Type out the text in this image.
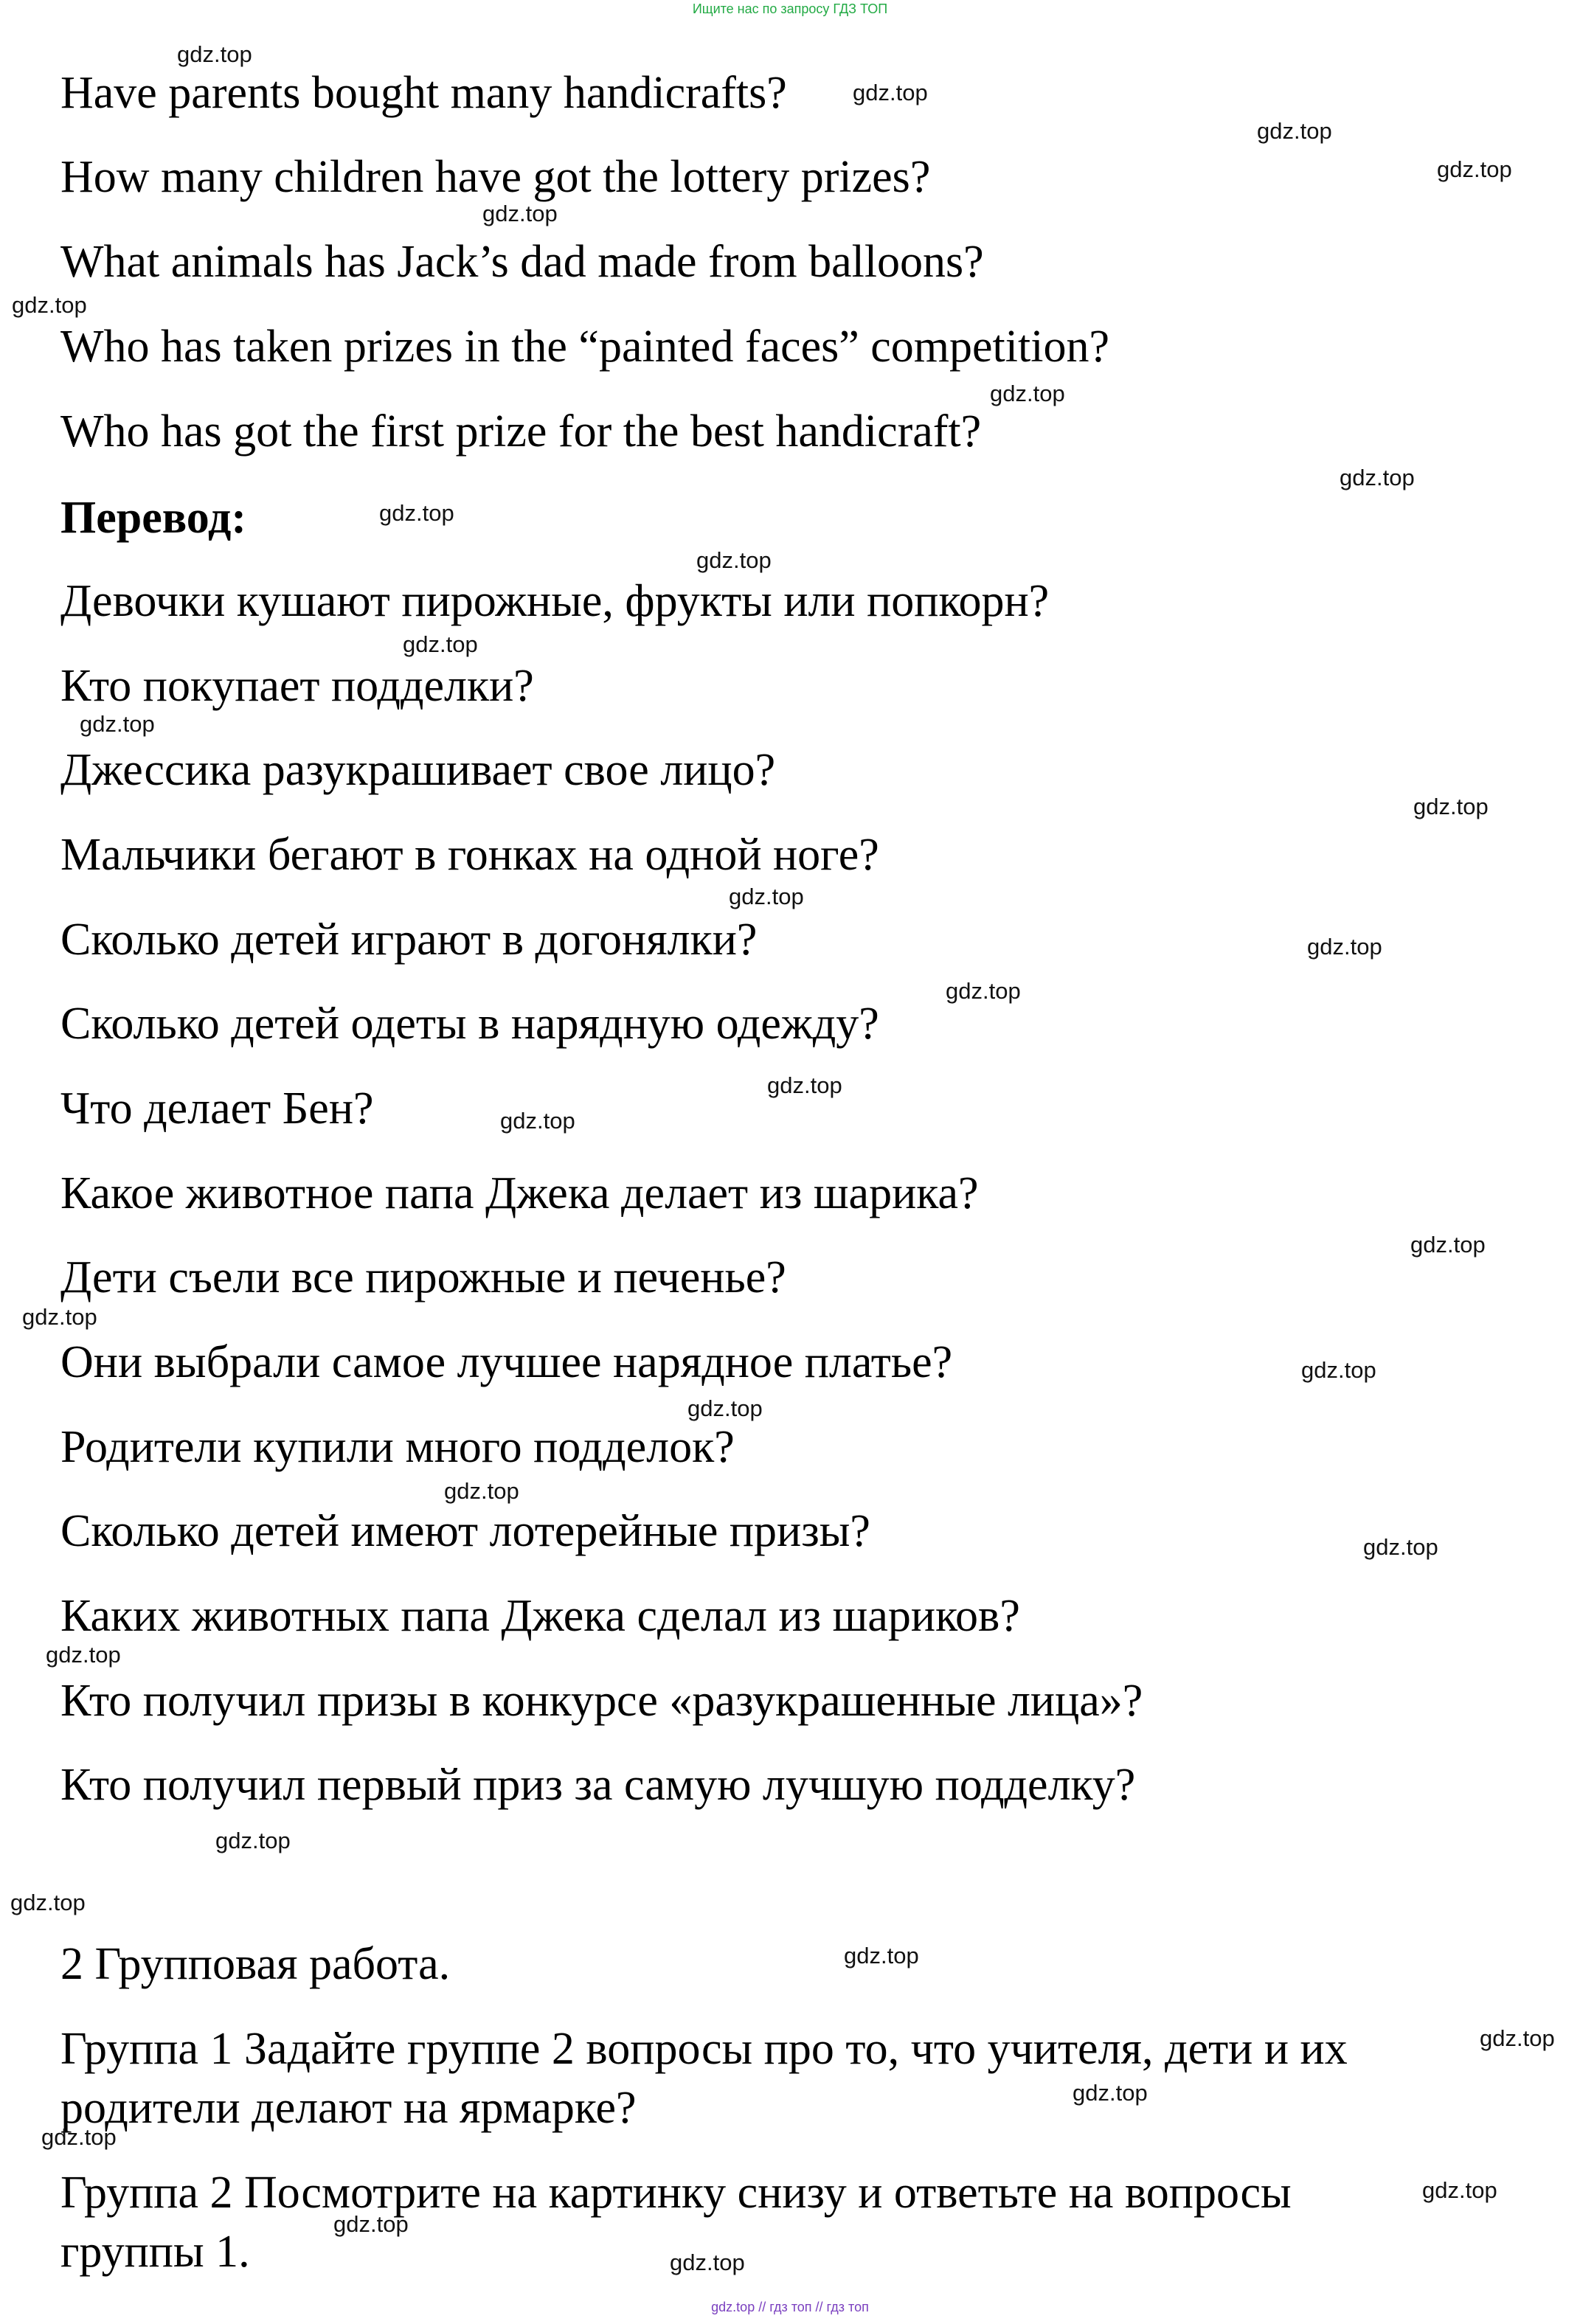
Ищите нас по запросу ГДЗ ТОП
Have parents bought many handicrafts?
How many children have got the lottery prizes?
What animals has Jack’s dad made from balloons?
Who has taken prizes in the “painted faces” competition?
Who has got the first prize for the best handicraft?
Перевод:
Девочки кушают пирожные, фрукты или попкорн?
Кто покупает подделки?
Джессика разукрашивает свое лицо?
Мальчики бегают в гонках на одной ноге?
Сколько детей играют в догонялки?
Сколько детей одеты в нарядную одежду?
Что делает Бен?
Какое животное папа Джека делает из шарика?
Дети съели все пирожные и печенье?
Они выбрали самое лучшее нарядное платье?
Родители купили много подделок?
Сколько детей имеют лотерейные призы?
Каких животных папа Джека сделал из шариков?
Кто получил призы в конкурсе «разукрашенные лица»?
Кто получил первый приз за самую лучшую подделку?
2 Групповая работа.
Группа 1 Задайте группе 2 вопросы про то, что учителя, дети и их
родители делают на ярмарке?
Группа 2 Посмотрите на картинку снизу и ответьте на вопросы
группы 1.
gdz.top
gdz.top
gdz.top
gdz.top
gdz.top
gdz.top
gdz.top
gdz.top
gdz.top
gdz.top
gdz.top
gdz.top
gdz.top
gdz.top
gdz.top
gdz.top
gdz.top
gdz.top
gdz.top
gdz.top
gdz.top
gdz.top
gdz.top
gdz.top
gdz.top
gdz.top
gdz.top
gdz.top
gdz.top
gdz.top
gdz.top
gdz.top
gdz.top
gdz.top
gdz.top // гдз топ // гдз топ
